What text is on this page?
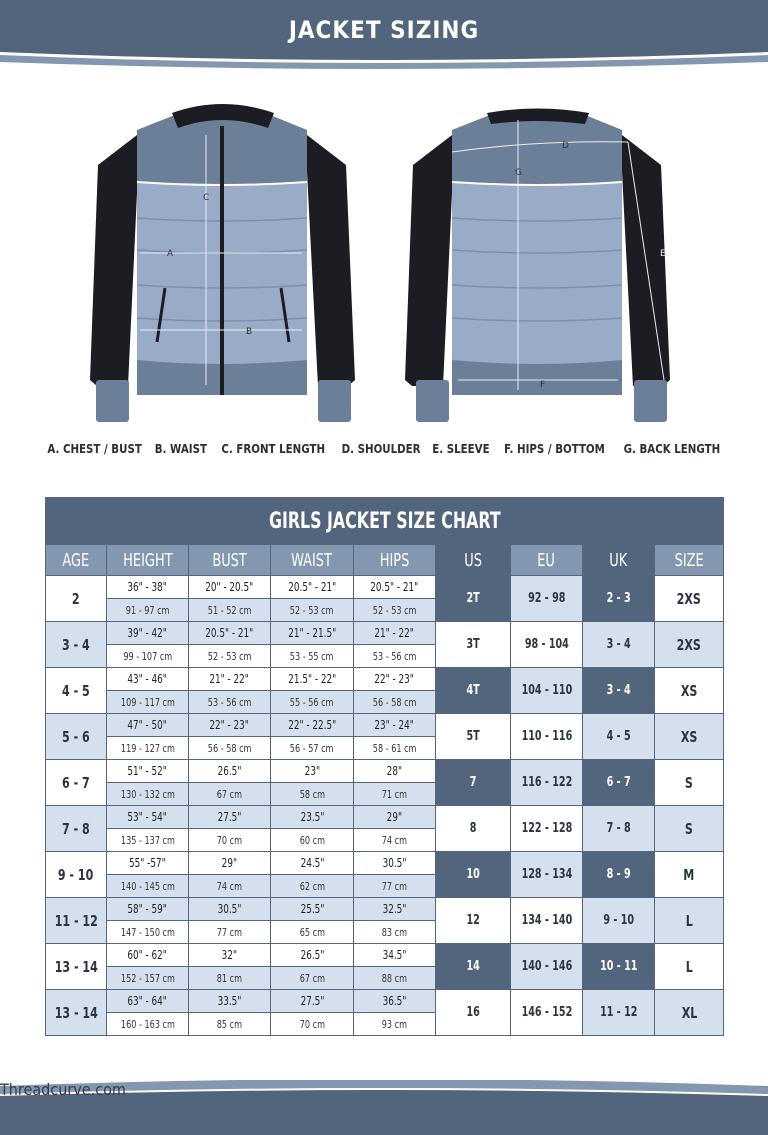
JACKET SIZING
C
A
B
D
G
E
F
A. CHEST / BUST B. WAIST C. FRONT LENGTH D. SHOULDER E. SLEEVE F. HIPS / BOTTOM G. BACK LENGTH
GIRLS JACKET SIZE CHART								
AGE	HEIGHT	BUST	WAIST	HIPS	US	EU	UK	SIZE
2	36" - 38"	20" - 20.5"	20.5" - 21"	20.5" - 21"	2T	92 - 98	2 - 3	2XS
	91 - 97 cm	51 - 52 cm	52 - 53 cm	52 - 53 cm				
3 - 4	39" - 42"	20.5" - 21"	21" - 21.5"	21" - 22"	3T	98 - 104	3 - 4	2XS
	99 - 107 cm	52 - 53 cm	53 - 55 cm	53 - 56 cm				
4 - 5	43" - 46"	21" - 22"	21.5" - 22"	22" - 23"	4T	104 - 110	3 - 4	XS
	109 - 117 cm	53 - 56 cm	55 - 56 cm	56 - 58 cm				
5 - 6	47" - 50"	22" - 23"	22" - 22.5"	23" - 24"	5T	110 - 116	4 - 5	XS
	119 - 127 cm	56 - 58 cm	56 - 57 cm	58 - 61 cm				
6 - 7	51" - 52"	26.5"	23"	28"	7	116 - 122	6 - 7	S
	130 - 132 cm	67 cm	58 cm	71 cm				
7 - 8	53" - 54"	27.5"	23.5"	29"	8	122 - 128	7 - 8	S
	135 - 137 cm	70 cm	60 cm	74 cm				
9 - 10	55" -57"	29"	24.5"	30.5"	10	128 - 134	8 - 9	M
	140 - 145 cm	74 cm	62 cm	77 cm				
11 - 12	58" - 59"	30.5"	25.5"	32.5"	12	134 - 140	9 - 10	L
	147 - 150 cm	77 cm	65 cm	83 cm				
13 - 14	60" - 62"	32"	26.5"	34.5"	14	140 - 146	10 - 11	L
	152 - 157 cm	81 cm	67 cm	88 cm				
13 - 14	63" - 64"	33.5"	27.5"	36.5"	16	146 - 152	11 - 12	XL
	160 - 163 cm	85 cm	70 cm	93 cm				
Threadcurve.com
